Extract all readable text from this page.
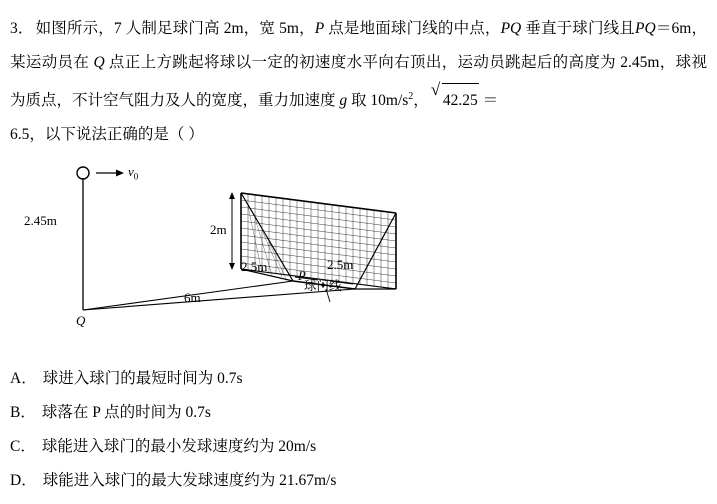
3． 如图所示，7 人制足球门高 2m，宽 5m，P 点是地面球门线的中点，PQ 垂直于球门线且PQ＝6m，某运动员在 Q 点正上方跳起将球以一定的初速度水平向右顶出，运动员跳起后的高度为 2.45m，球视为质点，不计空气阻力及人的宽度，重力加速度 g 取 $10m/s^2$，
√
42.25 ＝
6.5，以下说法正确的是（ ）
$v_0$
2.45m
2m
2.5m	2.5m
P
球门线
6m
Q
A． 球进入球门的最短时间为 0.7s
B． 球落在 P 点的时间为 0.7s
C． 球能进入球门的最小发球速度约为 20m/s
D． 球能进入球门的最大发球速度约为 21.67m/s
